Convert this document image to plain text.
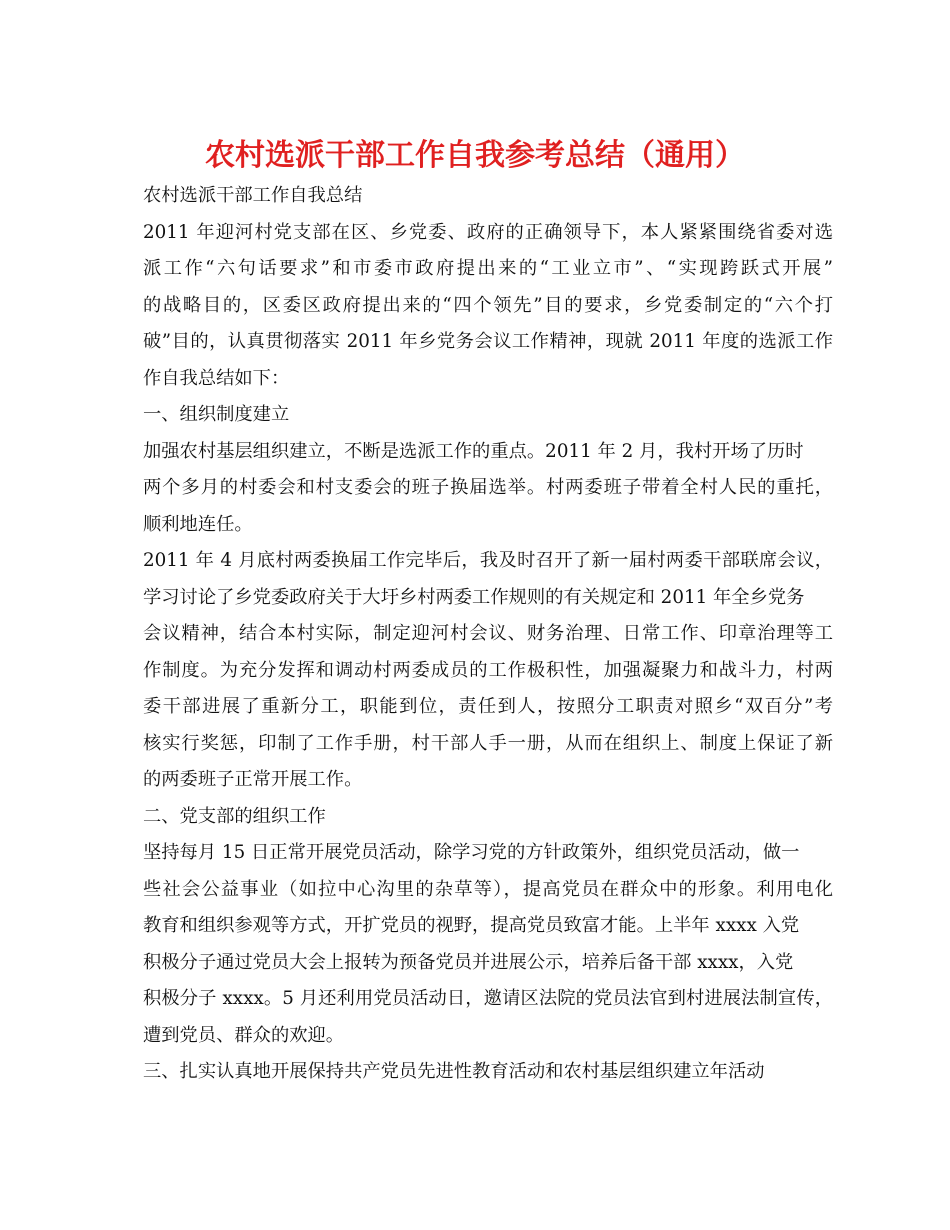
农村选派干部工作自我参考总结（通用）

农村选派干部工作自我总结

2011 年迎河村党支部在区、乡党委、政府的正确领导下，本人紧紧围绕省委对选

派工作“六句话要求”和市委市政府提出来的“工业立市”、“实现跨跃式开展”

的战略目的，区委区政府提出来的“四个领先”目的要求，乡党委制定的“六个打

破”目的，认真贯彻落实 2011 年乡党务会议工作精神，现就 2011 年度的选派工作

作自我总结如下：

一、组织制度建立

加强农村基层组织建立，不断是选派工作的重点。2011 年 2 月，我村开场了历时

两个多月的村委会和村支委会的班子换届选举。村两委班子带着全村人民的重托，

顺利地连任。

2011 年 4 月底村两委换届工作完毕后，我及时召开了新一届村两委干部联席会议，

学习讨论了乡党委政府关于大圩乡村两委工作规则的有关规定和 2011 年全乡党务

会议精神，结合本村实际，制定迎河村会议、财务治理、日常工作、印章治理等工

作制度。为充分发挥和调动村两委成员的工作极积性，加强凝聚力和战斗力，村两

委干部进展了重新分工，职能到位，责任到人，按照分工职责对照乡“双百分”考

核实行奖惩，印制了工作手册，村干部人手一册，从而在组织上、制度上保证了新

的两委班子正常开展工作。

二、党支部的组织工作

坚持每月 15 日正常开展党员活动，除学习党的方针政策外，组织党员活动，做一

些社会公益事业（如拉中心沟里的杂草等），提高党员在群众中的形象。利用电化

教育和组织参观等方式，开扩党员的视野，提高党员致富才能。上半年 xxxx 入党

积极分子通过党员大会上报转为预备党员并进展公示，培养后备干部 xxxx，入党

积极分子 xxxx。5 月还利用党员活动日，邀请区法院的党员法官到村进展法制宣传，

遭到党员、群众的欢迎。

三、扎实认真地开展保持共产党员先进性教育活动和农村基层组织建立年活动
